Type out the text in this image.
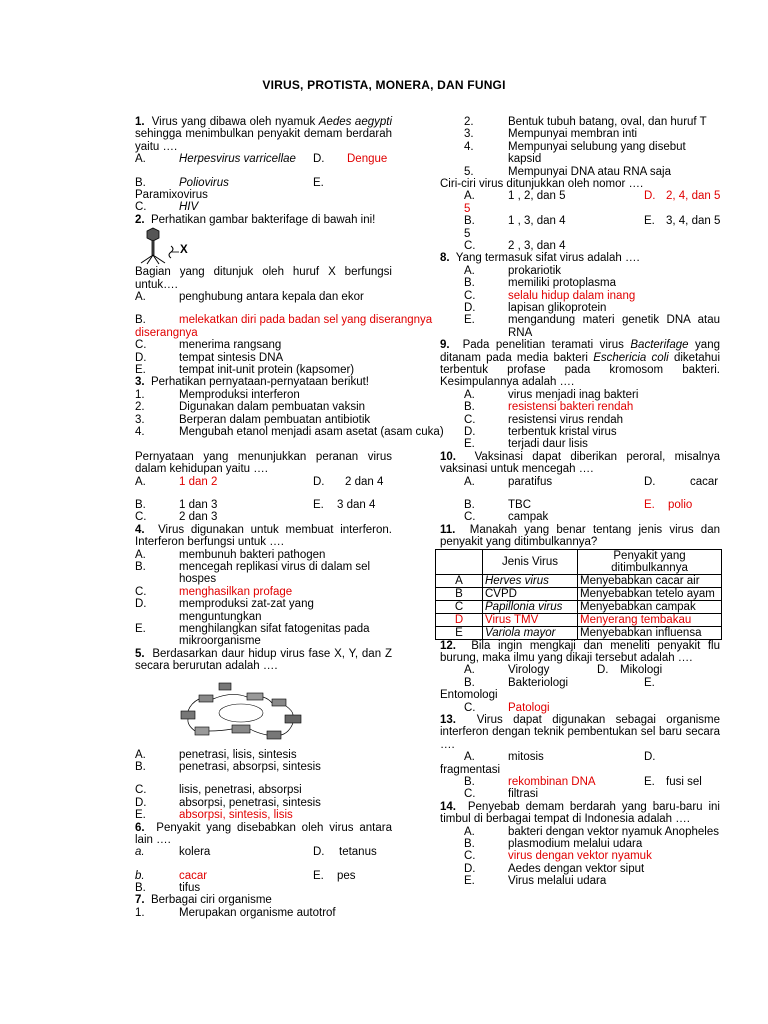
VIRUS, PROTISTA, MONERA, DAN FUNGI
1. Virus yang dibawa oleh nyamuk Aedes aegypti sehingga menimbulkan penyakit demam berdarah yaitu ….
A.	Herpesvirus varricellae D. Dengue
B.	Poliovirus	E.
Paramixovirus
C.	HIV
2. Perhatikan gambar bakterifage di bawah ini!
X
Bagian yang ditunjuk oleh huruf X berfungsi untuk….
A.	penghubung antara kepala dan ekor
B.	melekatkan diri pada badan sel yang diserangnya
diserangnya
C.	menerima rangsang
D.	tempat sintesis DNA
E.	tempat init-unit protein (kapsomer)
3. Perhatikan pernyataan-pernyataan berikut!
1.	Memproduksi interferon
2.	Digunakan dalam pembuatan vaksin
3.	Berperan dalam pembuatan antibiotik
4.	Mengubah etanol menjadi asam asetat (asam cuka)
Pernyataan yang menunjukkan peranan virus dalam kehidupan yaitu ….
A.	1 dan 2	D. 2 dan 4
B.	1 dan 3	E. 3 dan 4
C.	2 dan 3
4. Virus digunakan untuk membuat interferon. Interferon berfungsi untuk ….
A.	membunuh bakteri pathogen
B.	mencegah replikasi virus di dalam sel hospes
C.	menghasilkan profage
D.	memproduksi zat-zat yang menguntungkan
E.	menghilangkan sifat fatogenitas pada mikroorganisme
5. Berdasarkan daur hidup virus fase X, Y, dan Z secara berurutan adalah ….
A.	penetrasi, lisis, sintesis
B.	penetrasi, absorpsi, sintesis
C.	lisis, penetrasi, absorpsi
D.	absorpsi, penetrasi, sintesis
E.	absorpsi, sintesis, lisis
6. Penyakit yang disebabkan oleh virus antara lain ….
a.	kolera	D. tetanus
b.	cacar	E. pes
B.	tifus
7. Berbagai ciri organisme
1.	Merupakan organisme autotrof
2.	Bentuk tubuh batang, oval, dan huruf T
3.	Mempunyai membran inti
4.	Mempunyai selubung yang disebut kapsid
5.	Mempunyai DNA atau RNA saja
Ciri-ciri virus ditunjukkan oleh nomor ….
A.	1 , 2, dan 5	D. 2, 4, dan 5
5
B.	1 , 3, dan 4	E. 3, 4, dan 5
5
C.	2 , 3, dan 4
8. Yang termasuk sifat virus adalah ….
A.	prokariotik
B.	memiliki protoplasma
C.	selalu hidup dalam inang
D.	lapisan glikoprotein
E.	mengandung materi genetik DNA atau RNA
9. Pada penelitian teramati virus Bacterifage yang ditanam pada media bakteri Eschericia coli diketahui terbentuk profase pada kromosom bakteri. Kesimpulannya adalah ….
A.	virus menjadi inag bakteri
B.	resistensi bakteri rendah
C.	resistensi virus rendah
D.	terbentuk kristal virus
E.	terjadi daur lisis
10. Vaksinasi dapat diberikan peroral, misalnya vaksinasi untuk mencegah ….
A.	paratifus	D.	cacar
B.	TBC	E. polio
C.	campak
11. Manakah yang benar tentang jenis virus dan penyakit yang ditimbulkannya?
	Jenis Virus	Penyakit yang ditimbulkannya
A	Herves virus	Menyebabkan cacar air
B	CVPD	Menyebabkan tetelo ayam
C	Papillonia virus	Menyebabkan campak
D	Virus TMV	Menyerang tembakau
E	Variola mayor	Menyebabkan influensa
12. Bila ingin mengkaji dan meneliti penyakit flu burung, maka ilmu yang dikaji tersebut adalah ….
A.	Virology	D. Mikologi
B.	Bakteriologi	E.
Entomologi
C.	Patologi
13. Virus dapat digunakan sebagai organisme interferon dengan teknik pembentukan sel baru secara ….
A.	mitosis	D.
fragmentasi
B.	rekombinan DNA	E. fusi sel
C.	filtrasi
14. Penyebab demam berdarah yang baru-baru ini timbul di berbagai tempat di Indonesia adalah ….
A.	bakteri dengan vektor nyamuk Anopheles
B.	plasmodium melalui udara
C.	virus dengan vektor nyamuk
D.	Aedes dengan vektor siput
E.	Virus melalui udara
